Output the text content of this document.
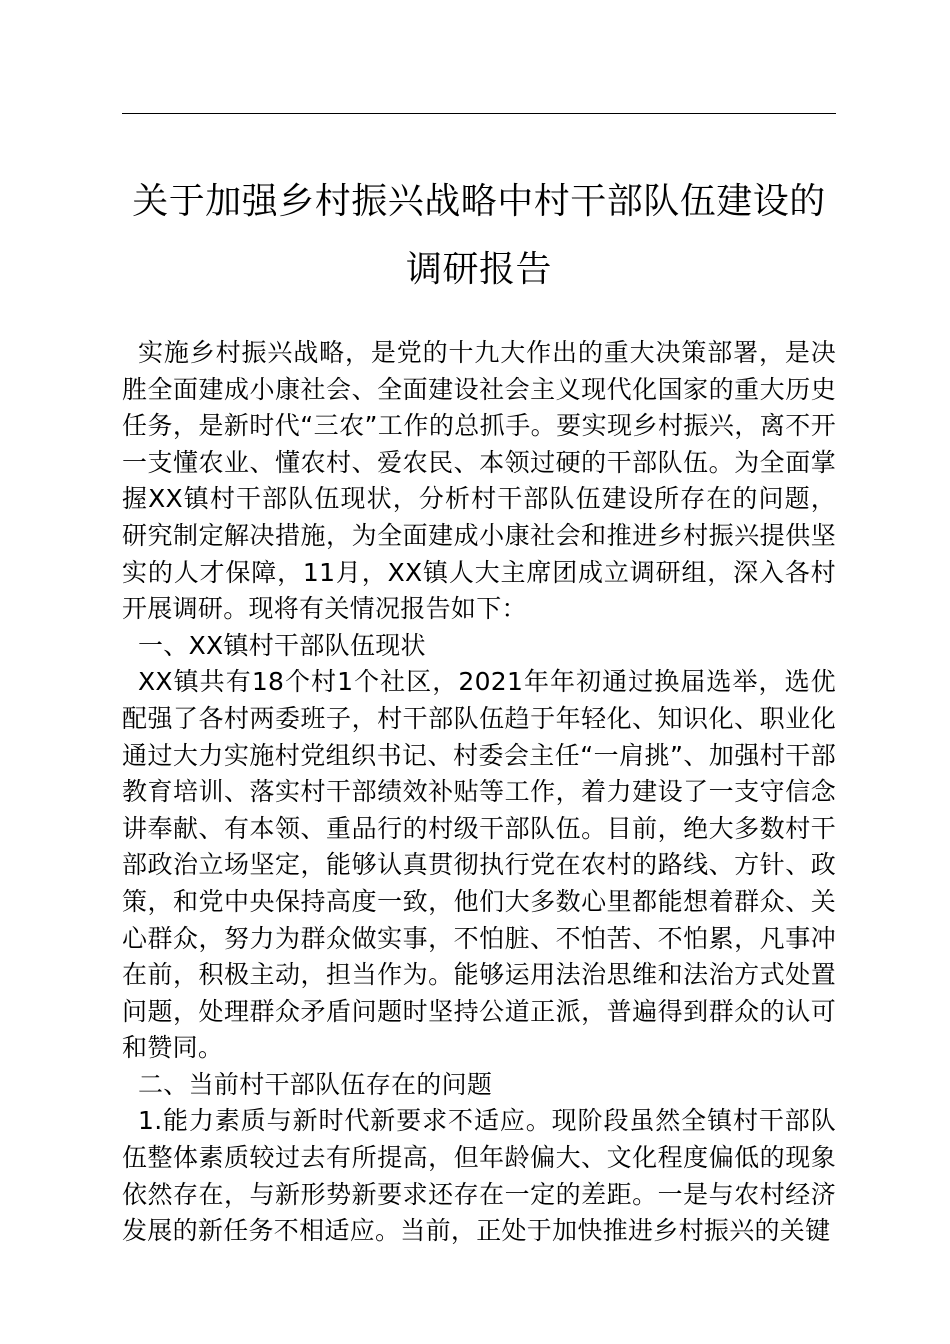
关于加强乡村振兴战略中村干部队伍建设的调研报告

实施乡村振兴战略，是党的十九大作出的重大决策部署，是决胜全面建成小康社会、全面建设社会主义现代化国家的重大历史任务，是新时代“三农”工作的总抓手。要实现乡村振兴，离不开一支懂农业、懂农村、爱农民、本领过硬的干部队伍。为全面掌握XX镇村干部队伍现状，分析村干部队伍建设所存在的问题，研究制定解决措施，为全面建成小康社会和推进乡村振兴提供坚实的人才保障，11月，XX镇人大主席团成立调研组，深入各村开展调研。现将有关情况报告如下：

一、XX镇村干部队伍现状

XX镇共有18个村1个社区，2021年年初通过换届选举，选优配强了各村两委班子，村干部队伍趋于年轻化、知识化、职业化通过大力实施村党组织书记、村委会主任“一肩挑”、加强村干部教育培训、落实村干部绩效补贴等工作，着力建设了一支守信念讲奉献、有本领、重品行的村级干部队伍。目前，绝大多数村干部政治立场坚定，能够认真贯彻执行党在农村的路线、方针、政策，和党中央保持高度一致，他们大多数心里都能想着群众、关心群众，努力为群众做实事，不怕脏、不怕苦、不怕累，凡事冲在前，积极主动，担当作为。能够运用法治思维和法治方式处置问题，处理群众矛盾问题时坚持公道正派，普遍得到群众的认可和赞同。

二、当前村干部队伍存在的问题

1.能力素质与新时代新要求不适应。现阶段虽然全镇村干部队伍整体素质较过去有所提高，但年龄偏大、文化程度偏低的现象依然存在，与新形势新要求还存在一定的差距。一是与农村经济发展的新任务不相适应。当前，正处于加快推进乡村振兴的关键
